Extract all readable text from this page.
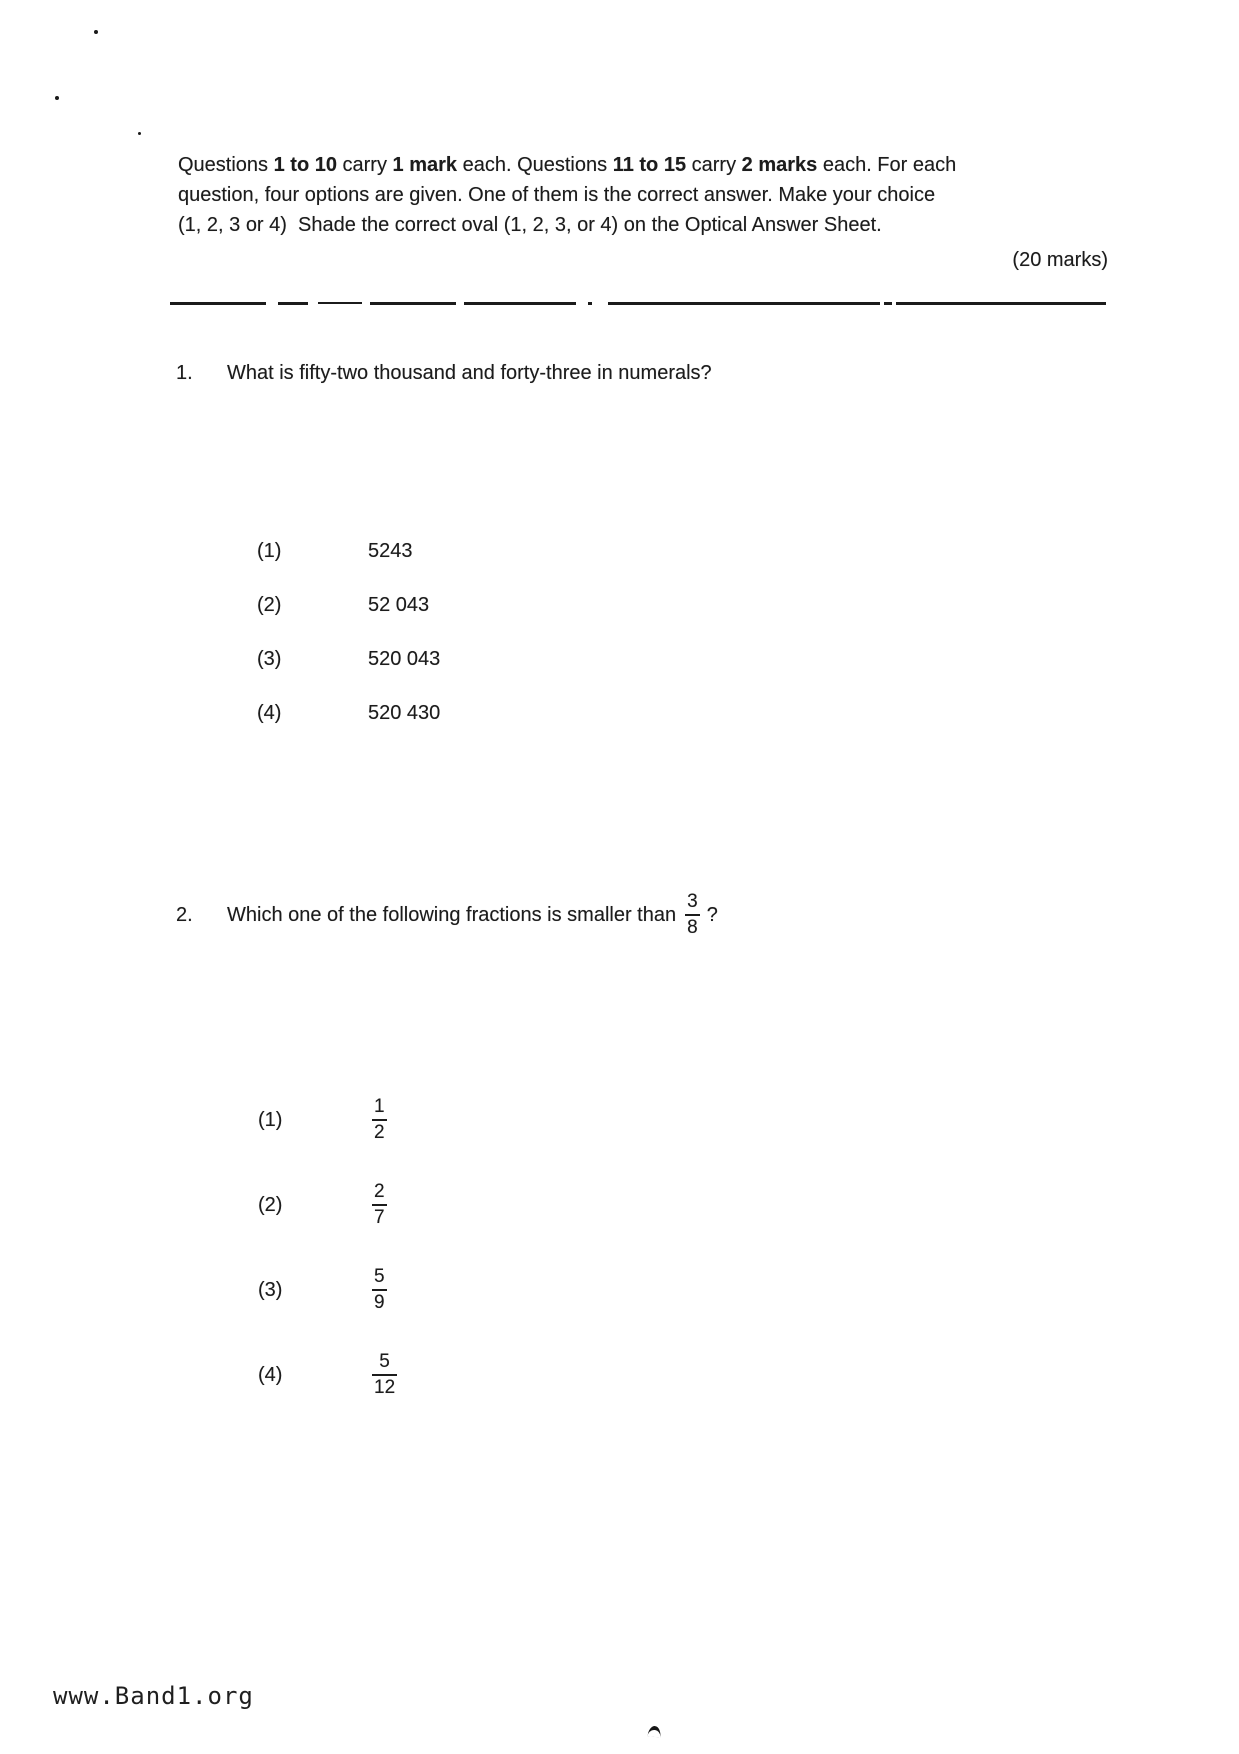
Questions 1 to 10 carry 1 mark each. Questions 11 to 15 carry 2 marks each. For each
question, four options are given. One of them is the correct answer. Make your choice
(1, 2, 3 or 4)  Shade the correct oval (1, 2, 3, or 4) on the Optical Answer Sheet.
(20 marks)
1. What is fifty-two thousand and forty-three in numerals?
(1)	5243
(2)	52 043
(3)	520 043
(4)	520 430
2.	Which one of the following fractions is smaller than $\frac{3}{8}$ ?
(1)	$\frac{1}{2}$
(2)	$\frac{2}{7}$
(3)	$\frac{5}{9}$
(4)	$\frac{5}{12}$
www.Band1.org
